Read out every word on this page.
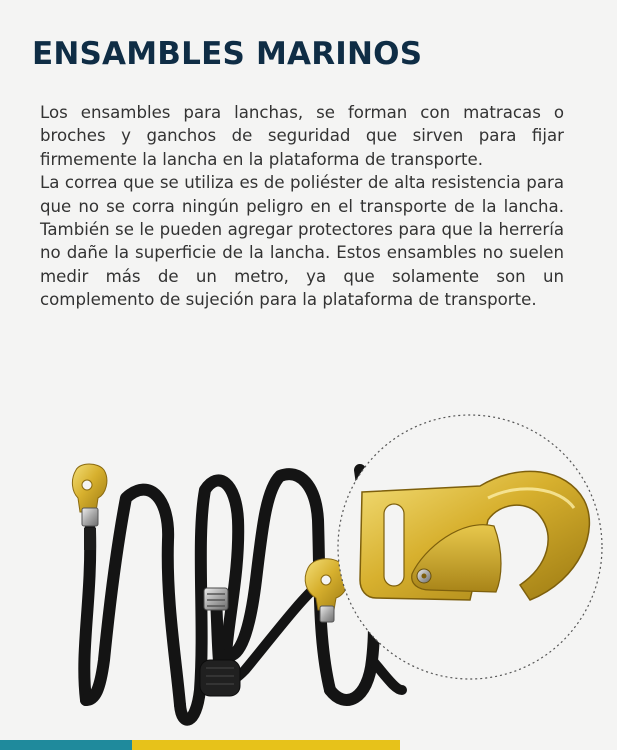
ENSAMBLES MARINOS

Los ensambles para lanchas, se forman con matracas o broches y ganchos de seguridad que sirven para fijar firmemente la lancha en la plataforma de transporte.

La correa que se utiliza es de poliéster de alta resistencia para que no se corra ningún peligro en el transporte de la lancha. También se le pueden agregar protectores para que la herrería no dañe la superficie de la lancha. Estos ensambles no suelen medir más de un metro, ya que solamente son un complemento de sujeción para la plataforma de transporte.
